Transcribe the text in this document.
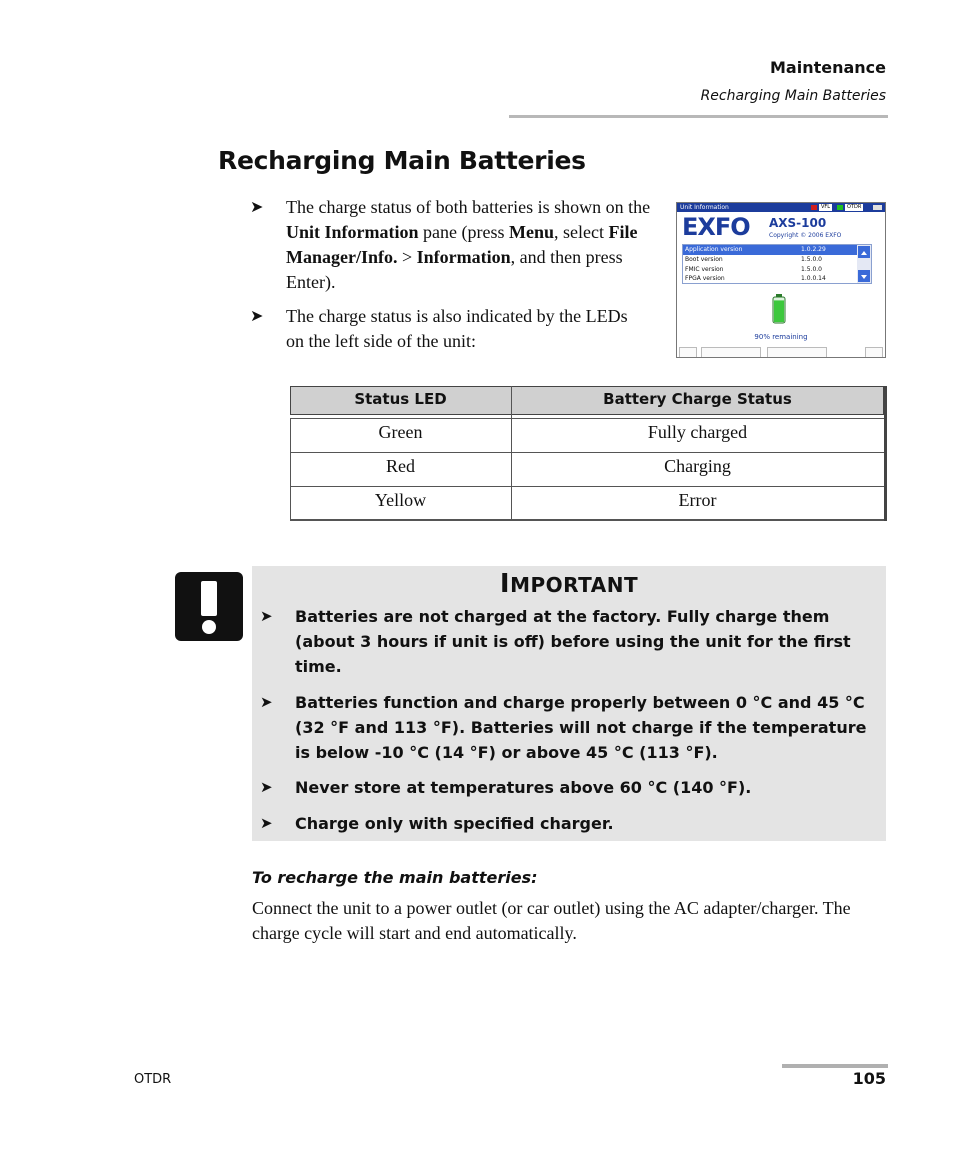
Maintenance
Recharging Main Batteries
Recharging Main Batteries
➤ The charge status of both batteries is shown on the Unit Information pane (press Menu, select File Manager/Info. > Information, and then press Enter).
➤ The charge status is also indicated by the LEDs on the left side of the unit:
Unit Information	VFL	OTDR
EXFO AXS-100
Copyright © 2006 EXFO
Application version	1.0.2.29
Boot version	1.5.0.0
FMIC version	1.5.0.0
FPGA version	1.0.0.14
90% remaining
Status LED	Battery Charge Status
Green	Fully charged
Red	Charging
Yellow	Error
IMPORTANT
➤ Batteries are not charged at the factory. Fully charge them (about 3 hours if unit is off) before using the unit for the first time.
➤ Batteries function and charge properly between 0 °C and 45 °C (32 °F and 113 °F). Batteries will not charge if the temperature is below -10 °C (14 °F) or above 45 °C (113 °F).
➤ Never store at temperatures above 60 °C (140 °F).
➤ Charge only with specified charger.
To recharge the main batteries:
Connect the unit to a power outlet (or car outlet) using the AC adapter/charger. The charge cycle will start and end automatically.
OTDR	105
